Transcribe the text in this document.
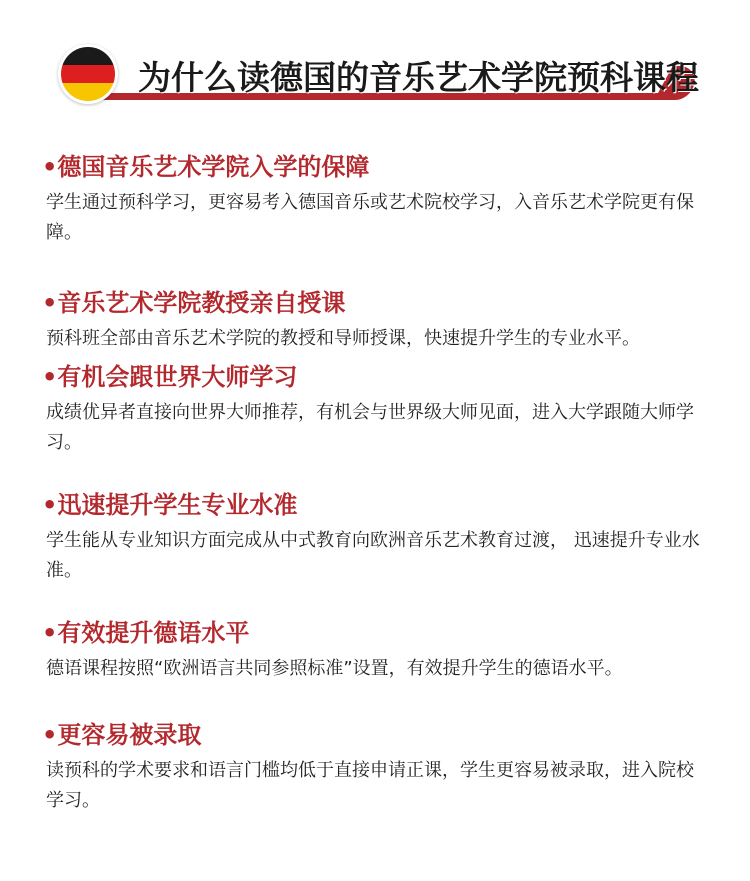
为什么读德国的音乐艺术学院预科课程

•德国音乐艺术学院入学的保障

学生通过预科学习，更容易考入德国音乐或艺术院校学习，入音乐艺术学院更有保障。

•音乐艺术学院教授亲自授课

预科班全部由音乐艺术学院的教授和导师授课，快速提升学生的专业水平。

•有机会跟世界大师学习

成绩优异者直接向世界大师推荐，有机会与世界级大师见面，进入大学跟随大师学习。

•迅速提升学生专业水准

学生能从专业知识方面完成从中式教育向欧洲音乐艺术教育过渡， 迅速提升专业水准。

•有效提升德语水平

德语课程按照“欧洲语言共同参照标准”设置，有效提升学生的德语水平。

•更容易被录取

读预科的学术要求和语言门槛均低于直接申请正课，学生更容易被录取，进入院校学习。
